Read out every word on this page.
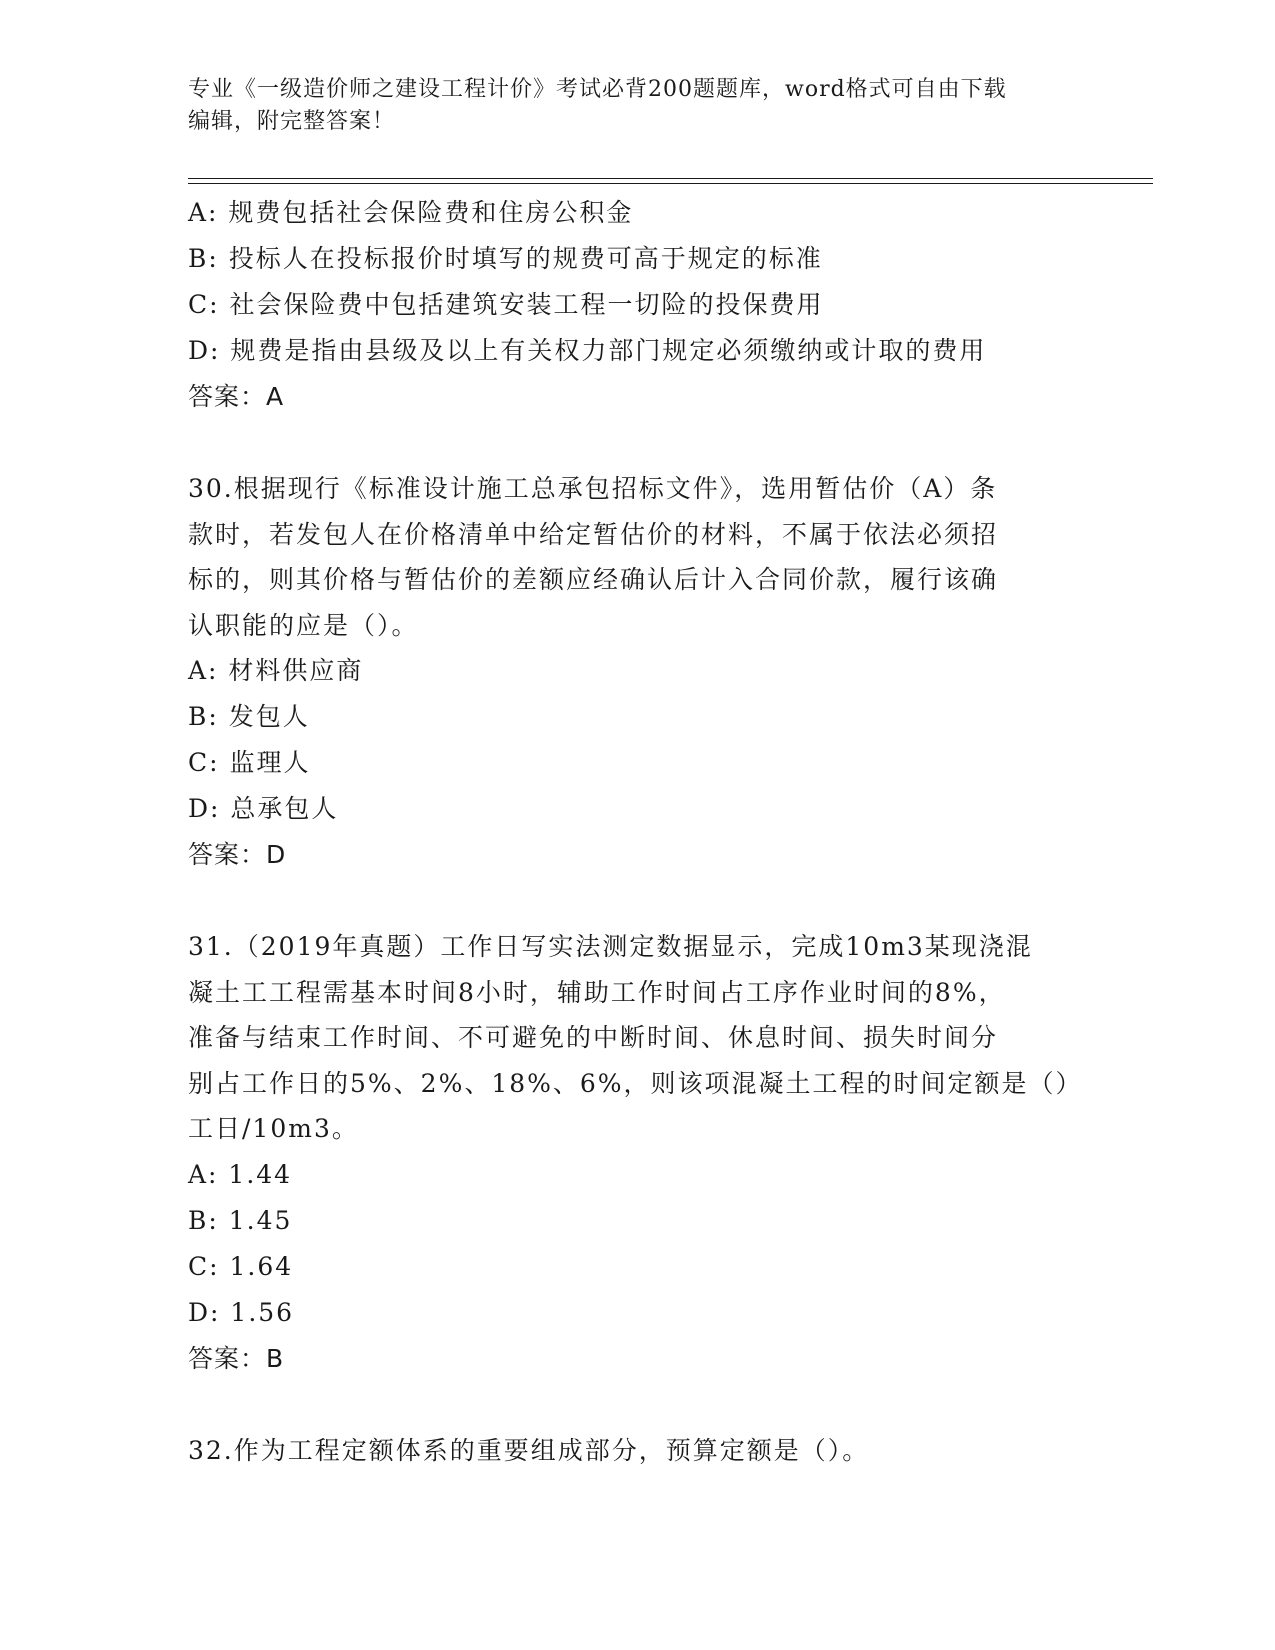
专业《一级造价师之建设工程计价》考试必背200题题库，word格式可自由下载
编辑，附完整答案！
A: 规费包括社会保险费和住房公积金
B: 投标人在投标报价时填写的规费可高于规定的标准
C: 社会保险费中包括建筑安装工程一切险的投保费用
D: 规费是指由县级及以上有关权力部门规定必须缴纳或计取的费用
答案：A
30.根据现行《标准设计施工总承包招标文件》，选用暂估价（A）条
款时，若发包人在价格清单中给定暂估价的材料，不属于依法必须招
标的，则其价格与暂估价的差额应经确认后计入合同价款，履行该确
认职能的应是（）。
A: 材料供应商
B: 发包人
C: 监理人
D: 总承包人
答案：D
31.（2019年真题）工作日写实法测定数据显示，完成10m3某现浇混
凝土工工程需基本时间8小时，辅助工作时间占工序作业时间的8%，
准备与结束工作时间、不可避免的中断时间、休息时间、损失时间分
别占工作日的5%、2%、18%、6%，则该项混凝土工程的时间定额是（）
工日/10m3。
A: 1.44
B: 1.45
C: 1.64
D: 1.56
答案：B
32.作为工程定额体系的重要组成部分，预算定额是（）。
